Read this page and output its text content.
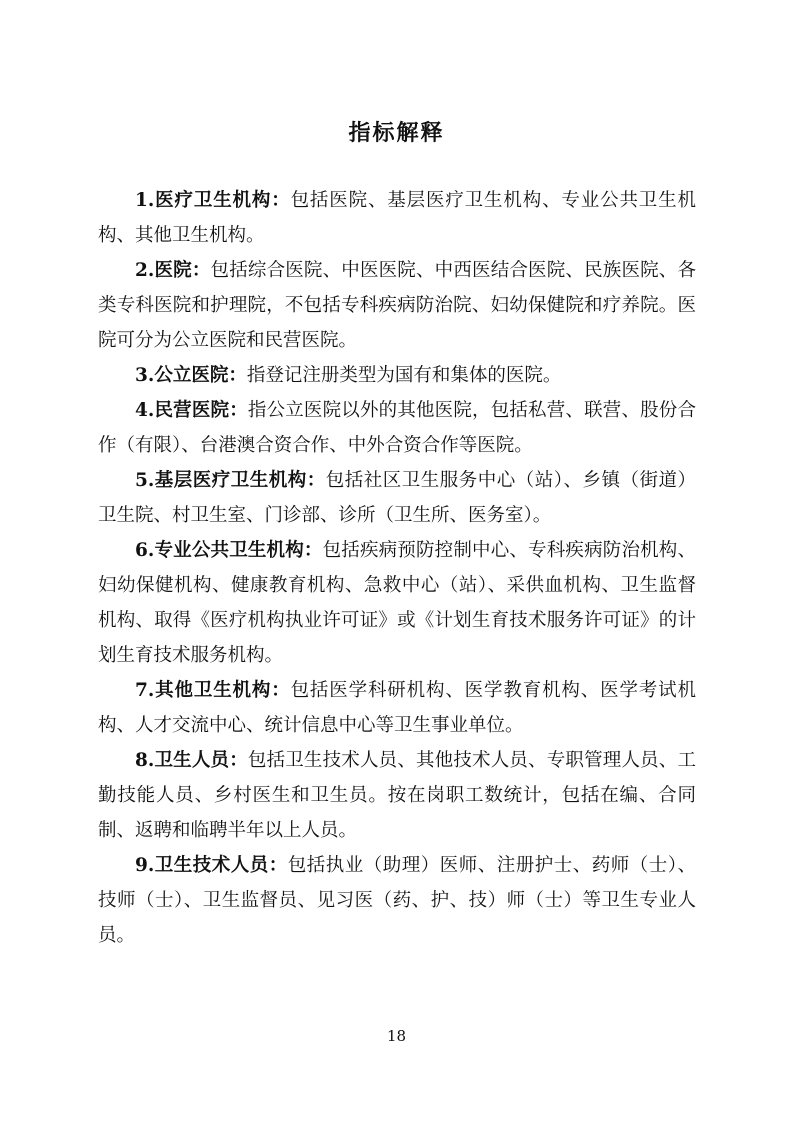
指标解释

1.医疗卫生机构：包括医院、基层医疗卫生机构、专业公共卫生机构、其他卫生机构。

2.医院：包括综合医院、中医医院、中西医结合医院、民族医院、各类专科医院和护理院，不包括专科疾病防治院、妇幼保健院和疗养院。医院可分为公立医院和民营医院。

3.公立医院：指登记注册类型为国有和集体的医院。

4.民营医院：指公立医院以外的其他医院，包括私营、联营、股份合作（有限）、台港澳合资合作、中外合资合作等医院。

5.基层医疗卫生机构：包括社区卫生服务中心（站）、乡镇（街道）卫生院、村卫生室、门诊部、诊所（卫生所、医务室）。

6.专业公共卫生机构：包括疾病预防控制中心、专科疾病防治机构、妇幼保健机构、健康教育机构、急救中心（站）、采供血机构、卫生监督机构、取得《医疗机构执业许可证》或《计划生育技术服务许可证》的计划生育技术服务机构。

7.其他卫生机构：包括医学科研机构、医学教育机构、医学考试机构、人才交流中心、统计信息中心等卫生事业单位。

8.卫生人员：包括卫生技术人员、其他技术人员、专职管理人员、工勤技能人员、乡村医生和卫生员。按在岗职工数统计，包括在编、合同制、返聘和临聘半年以上人员。

9.卫生技术人员：包括执业（助理）医师、注册护士、药师（士）、技师（士）、卫生监督员、见习医（药、护、技）师（士）等卫生专业人员。

18
